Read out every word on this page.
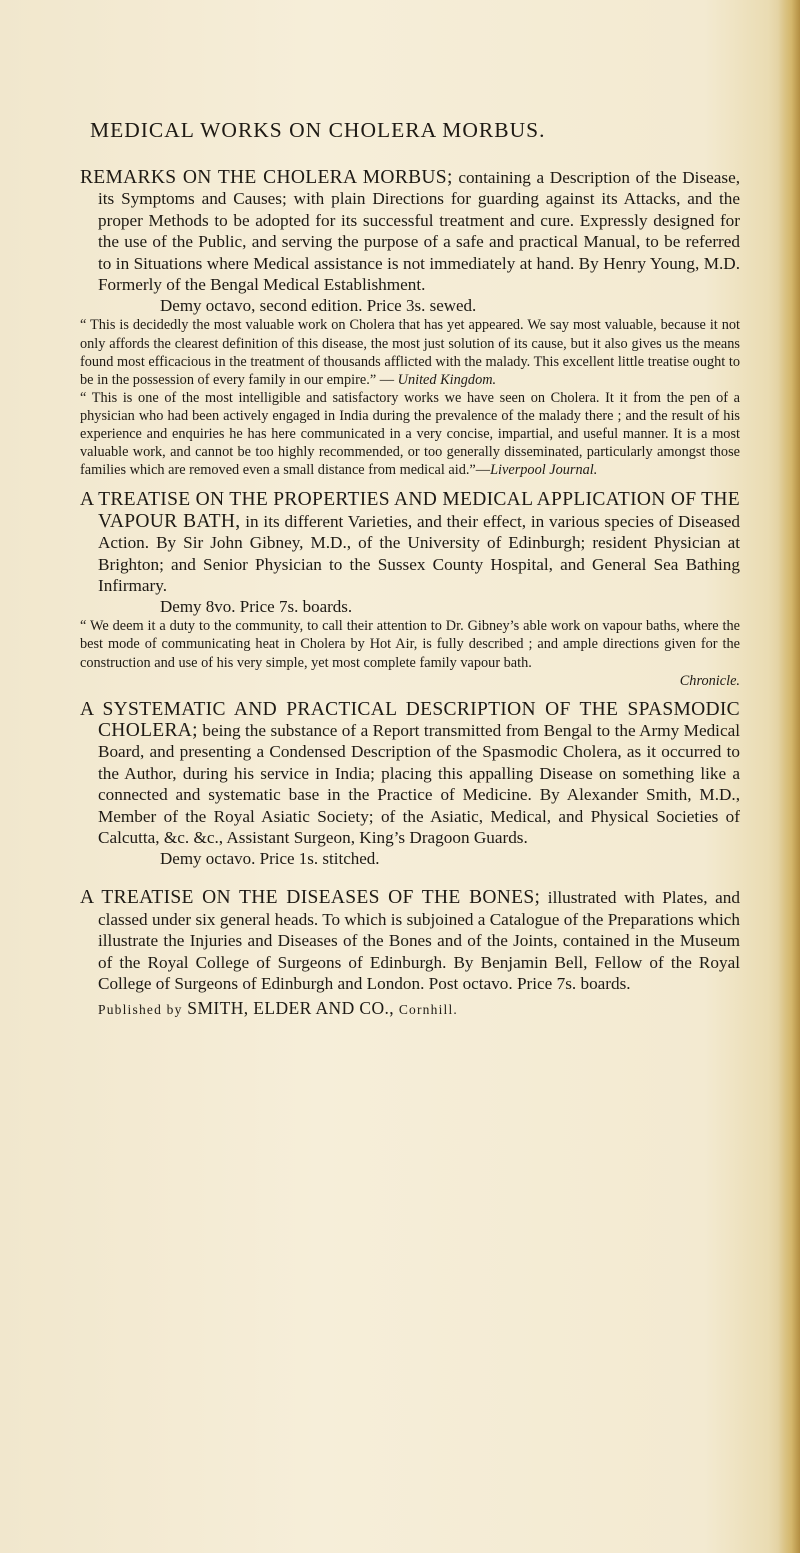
MEDICAL WORKS ON CHOLERA MORBUS.

REMARKS ON THE CHOLERA MORBUS; containing a Description of the Disease, its Symptoms and Causes; with plain Directions for guarding against its Attacks, and the proper Methods to be adopted for its successful treatment and cure. Expressly designed for the use of the Public, and serving the purpose of a safe and practical Manual, to be referred to in Situations where Medical assistance is not immediately at hand. By Henry Young, M.D. Formerly of the Bengal Medical Establishment.

Demy octavo, second edition. Price 3s. sewed.

“ This is decidedly the most valuable work on Cholera that has yet appeared. We say most valuable, because it not only affords the clearest definition of this disease, the most just solution of its cause, but it also gives us the means found most efficacious in the treatment of thousands afflicted with the malady. This excellent little treatise ought to be in the possession of every family in our empire.” — United Kingdom.

“ This is one of the most intelligible and satisfactory works we have seen on Cholera. It it from the pen of a physician who had been actively engaged in India during the prevalence of the malady there ; and the result of his experience and enquiries he has here communicated in a very concise, impartial, and useful manner. It is a most valuable work, and cannot be too highly recommended, or too generally disseminated, particularly amongst those families which are removed even a small distance from medical aid.”—Liverpool Journal.

A TREATISE ON THE PROPERTIES AND MEDICAL APPLICATION OF THE VAPOUR BATH, in its different Varieties, and their effect, in various species of Diseased Action. By Sir John Gibney, M.D., of the University of Edinburgh; resident Physician at Brighton; and Senior Physician to the Sussex County Hospital, and General Sea Bathing Infirmary.

Demy 8vo. Price 7s. boards.

“ We deem it a duty to the community, to call their attention to Dr. Gibney’s able work on vapour baths, where the best mode of communicating heat in Cholera by Hot Air, is fully described ; and ample directions given for the construction and use of his very simple, yet most complete family vapour bath.

Chronicle.

A SYSTEMATIC AND PRACTICAL DESCRIPTION OF THE SPASMODIC CHOLERA; being the substance of a Report transmitted from Bengal to the Army Medical Board, and presenting a Condensed Description of the Spasmodic Cholera, as it occurred to the Author, during his service in India; placing this appalling Disease on something like a connected and systematic base in the Practice of Medicine. By Alexander Smith, M.D., Member of the Royal Asiatic Society; of the Asiatic, Medical, and Physical Societies of Calcutta, &c. &c., Assistant Surgeon, King’s Dragoon Guards.

Demy octavo. Price 1s. stitched.

A TREATISE ON THE DISEASES OF THE BONES; illustrated with Plates, and classed under six general heads. To which is subjoined a Catalogue of the Preparations which illustrate the Injuries and Diseases of the Bones and of the Joints, contained in the Museum of the Royal College of Surgeons of Edinburgh. By Benjamin Bell, Fellow of the Royal College of Surgeons of Edinburgh and London. Post octavo. Price 7s. boards.

Published by SMITH, ELDER AND CO., Cornhill.
